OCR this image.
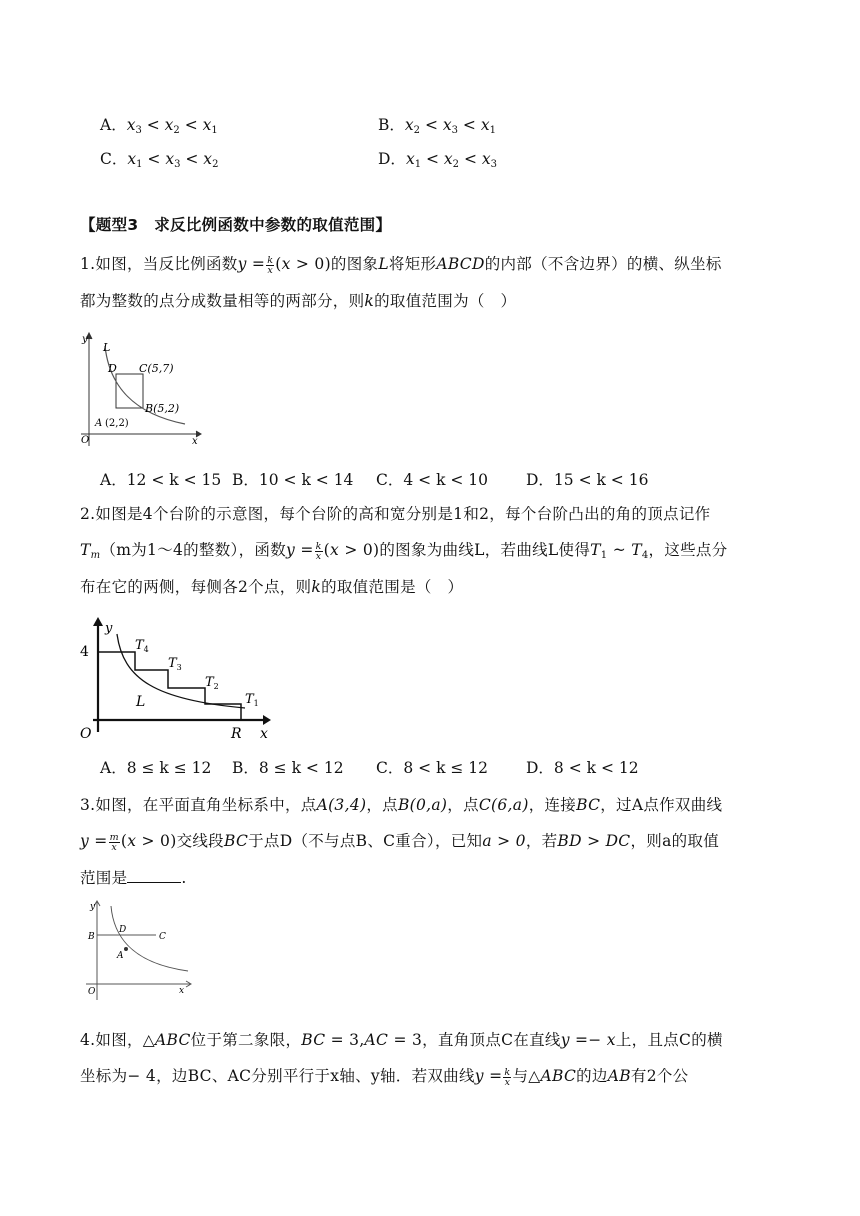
A．$x_3 < x_2 < x_1$	B．$x_2 < x_3 < x_1$
C．$x_1 < x_3 < x_2$	D．$x_1 < x_2 < x_3$
【题型3　求反比例函数中参数的取值范围】
1.如图，当反比例函数$y = \frac{k}{x} (x > 0)$的图象L将矩形ABCD的内部（不含边界）的横、纵坐标
都为整数的点分成数量相等的两部分，则k的取值范围为（　）
y
x
O
L
D C(5,7)
B(5,2)
A (2,2)
A．12 < k < 15 B．10 < k < 14 C．4 < k < 10 D．15 < k < 16
2.如图是4个台阶的示意图，每个台阶的高和宽分别是1和2，每个台阶凸出的角的顶点记作
$T_m(m$为1～4的整数），函数$y = \frac{k}{x} (x > 0)$的图象为曲线L，若曲线L使得$T_1$ ~ $T_4$，这些点分
布在它的两侧，每侧各2个点，则k的取值范围是（　）
y
x
O
4
L
R
$T_4$
$T_3$
$T_2$
$T_1$
A．8 ≤ k ≤ 12 B．8 ≤ k < 12 C．8 < k ≤ 12 D．8 < k < 12
3.如图，在平面直角坐标系中，点A(3,4)，点B(0,a)，点C(6,a)，连接BC，过A点作双曲线
$y = \frac{m}{x} (x > 0)$交线段BC于点D（不与点B、C重合），已知a > 0，若BD > DC，则a的取值
范围是	.
y
x
O
B	C
D
A
4.如图，△ABC位于第二象限，BC = 3,AC = 3，直角顶点C在直线y =− x上，且点C的横
坐标为− 4，边BC、AC分别平行于x轴、y轴．若双曲线$y = \frac{k}{x}$ 与△ABC的边AB有2个公
